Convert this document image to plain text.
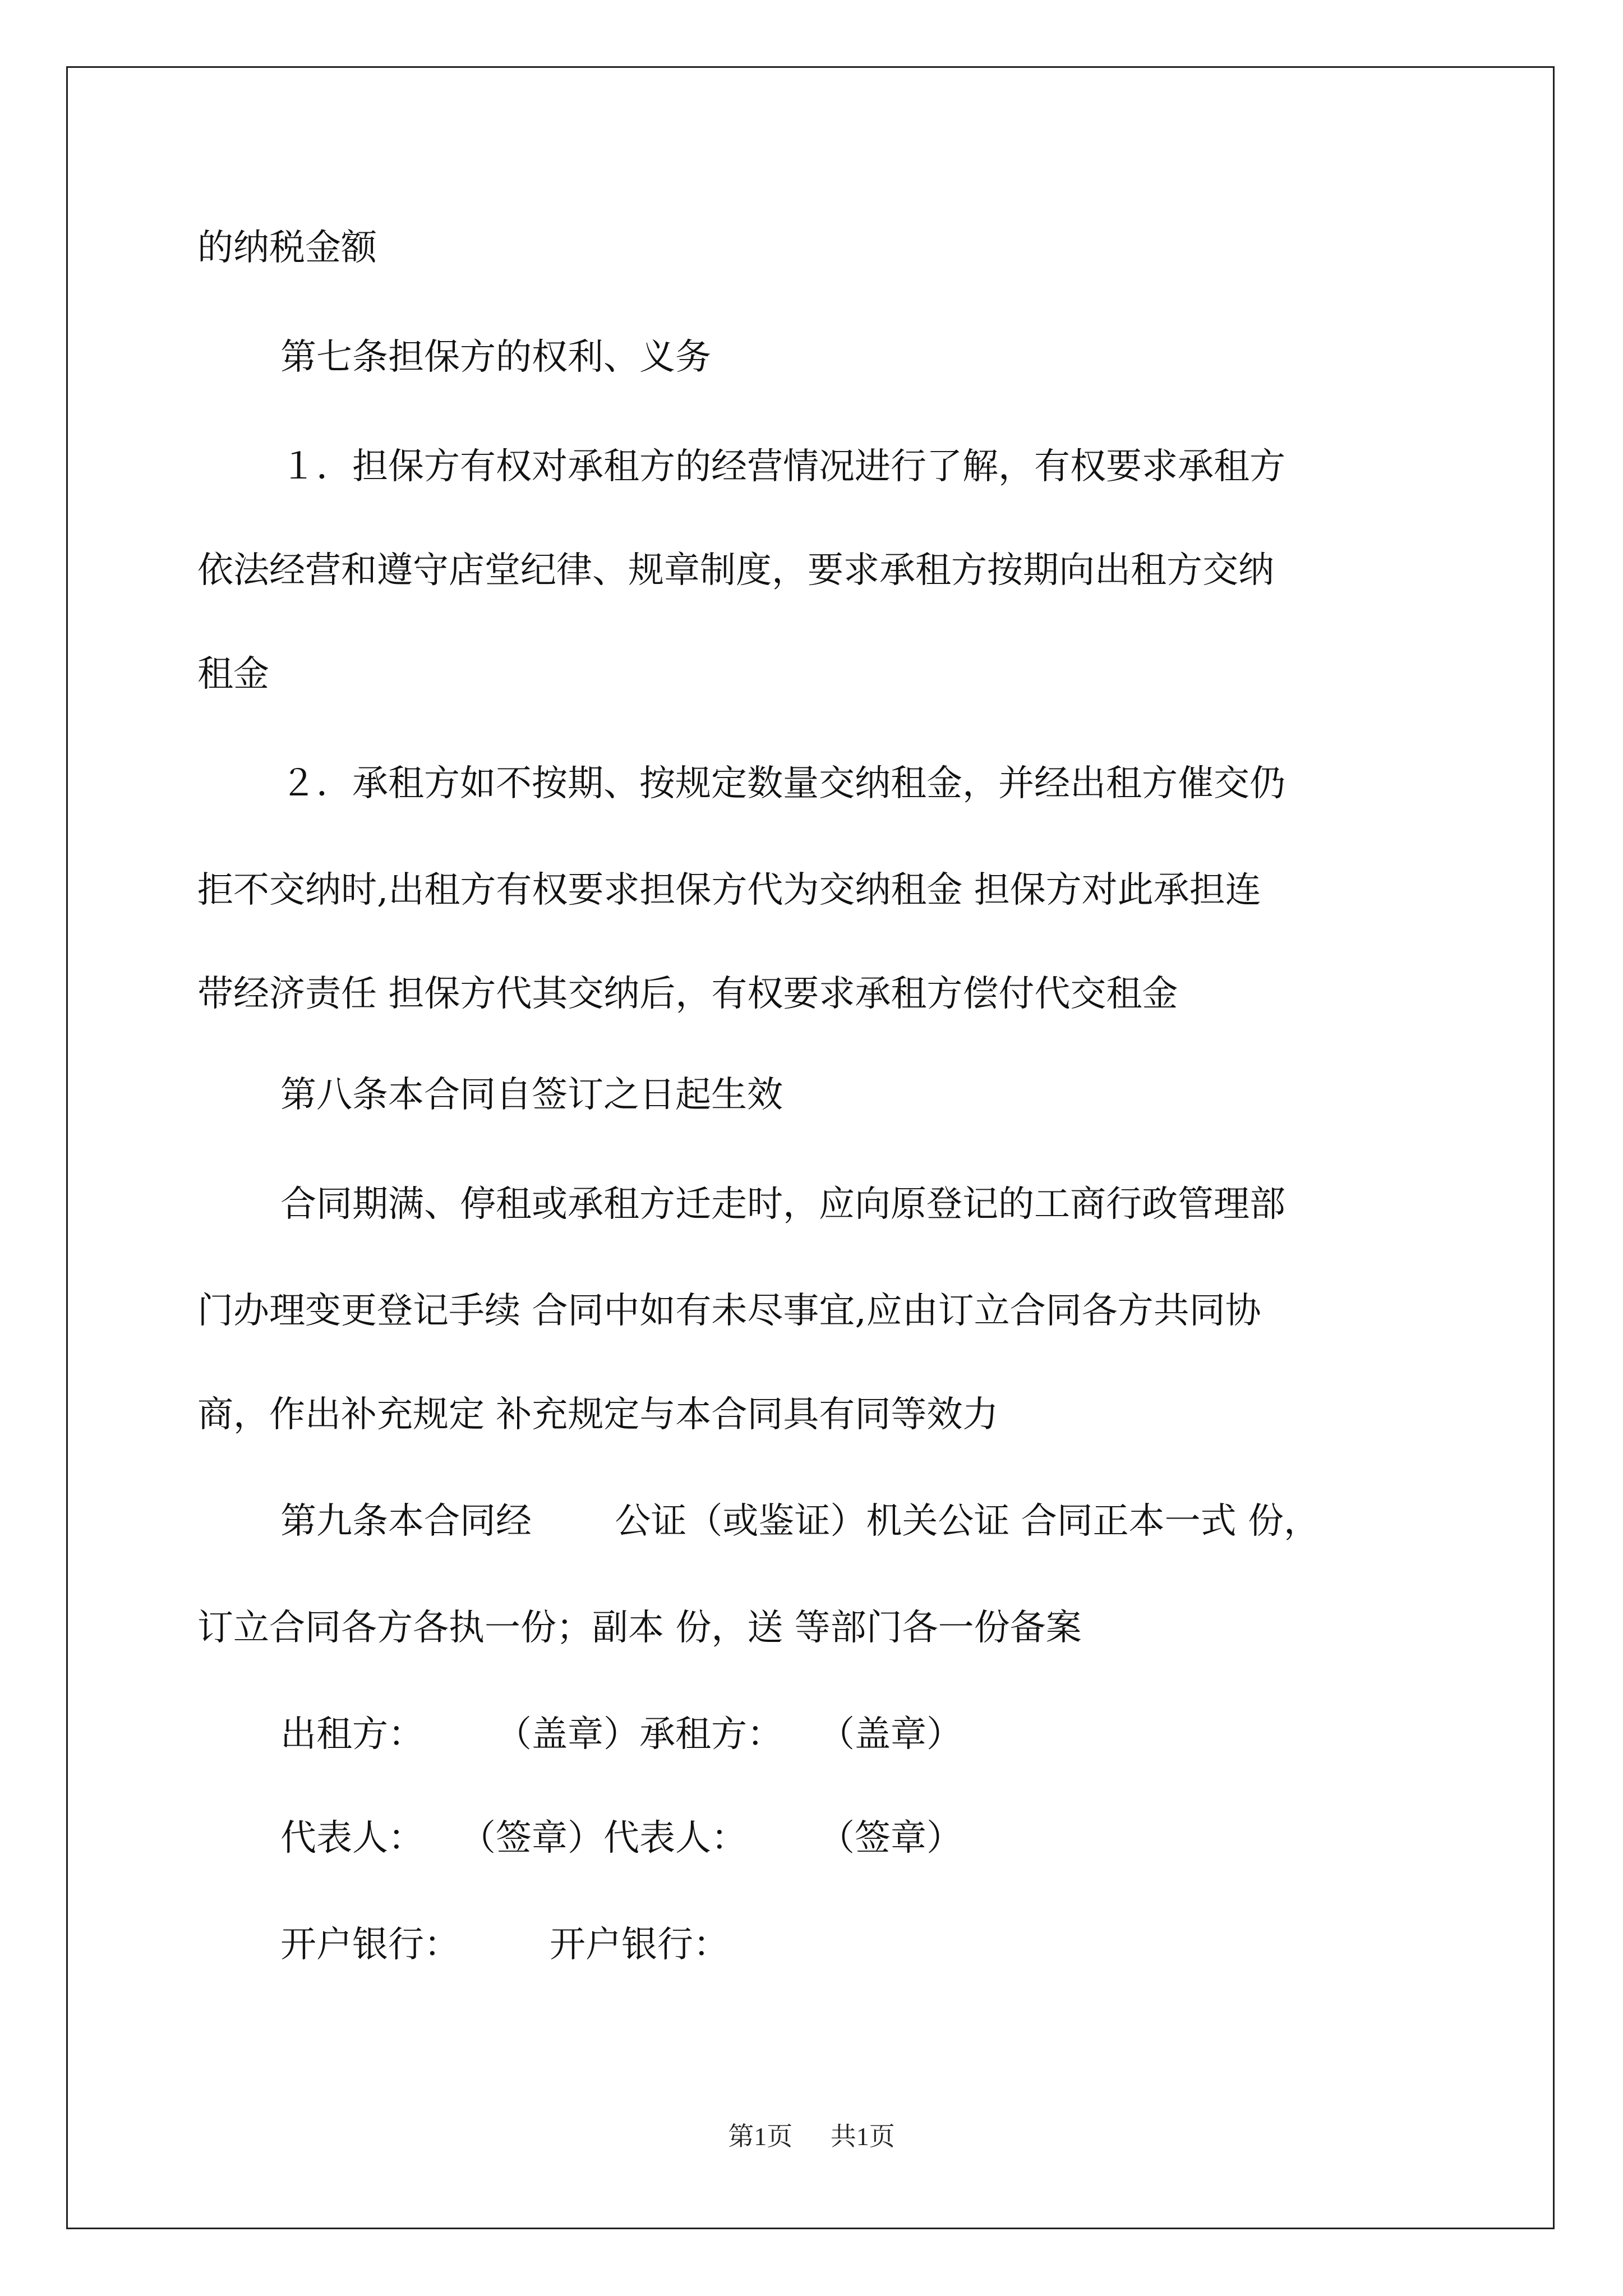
的纳税金额
第七条担保方的权利、义务
１．担保方有权对承租方的经营情况进行了解，有权要求承租方
依法经营和遵守店堂纪律、规章制度，要求承租方按期向出租方交纳
租金
２．承租方如不按期、按规定数量交纳租金，并经出租方催交仍
拒不交纳时,出租方有权要求担保方代为交纳租金 担保方对此承担连
带经济责任 担保方代其交纳后，有权要求承租方偿付代交租金
第八条本合同自签订之日起生效
合同期满、停租或承租方迁走时，应向原登记的工商行政管理部
门办理变更登记手续 合同中如有未尽事宜,应由订立合同各方共同协
商，作出补充规定 补充规定与本合同具有同等效力
第九条本合同经　　 公证（或鉴证）机关公证 合同正本一式 份，
订立合同各方各执一份；副本 份，送 等部门各一份备案
出租方：　　　（盖章）承租方：　　（盖章）
代表人：　　（签章）代表人：　　　（签章）
开户银行：　　　开户银行：
第1页 共1页
